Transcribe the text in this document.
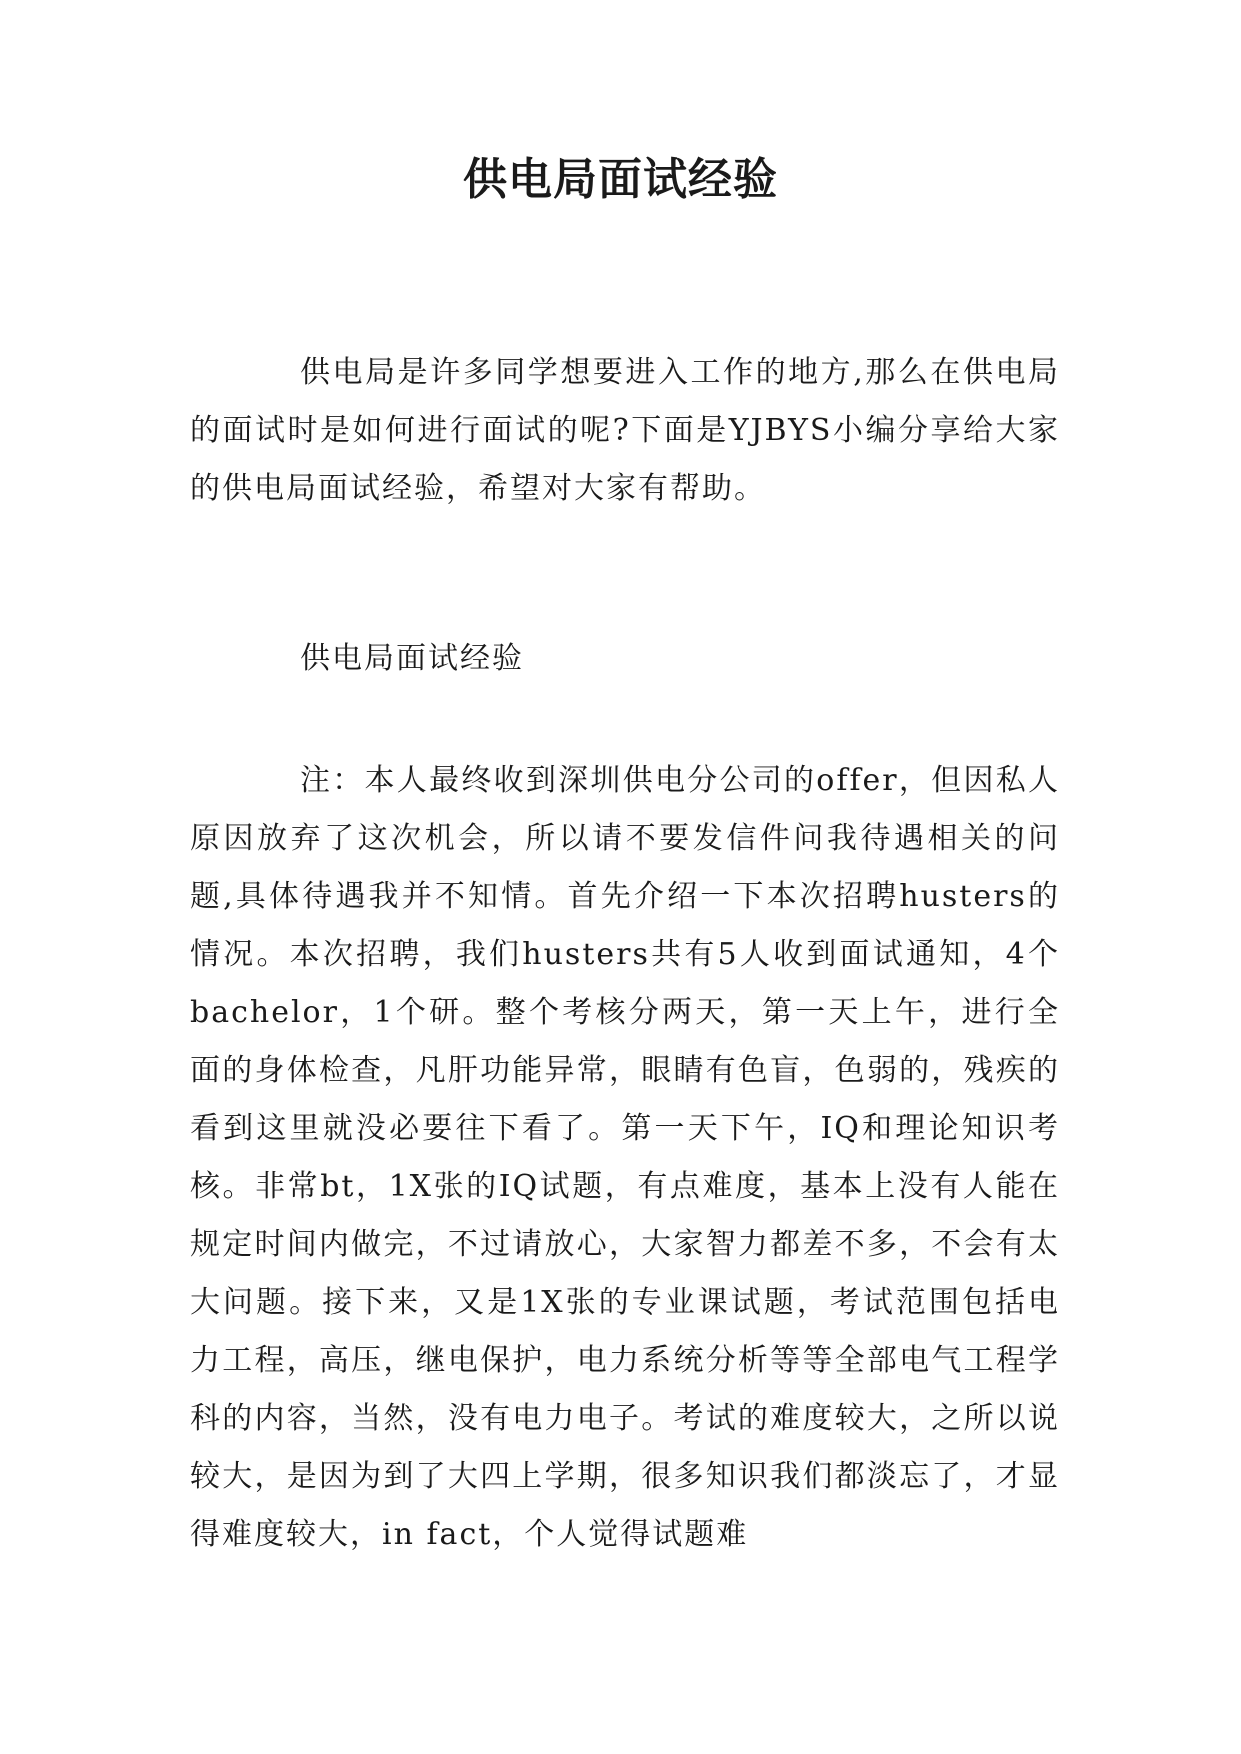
供电局面试经验

供电局是许多同学想要进入工作的地方,那么在供电局的面试时是如何进行面试的呢?下面是YJBYS小编分享给大家的供电局面试经验，希望对大家有帮助。

供电局面试经验

注：本人最终收到深圳供电分公司的offer，但因私人原因放弃了这次机会，所以请不要发信件问我待遇相关的问题,具体待遇我并不知情。首先介绍一下本次招聘husters的情况。本次招聘，我们husters共有5人收到面试通知，4个bachelor，1个研。整个考核分两天，第一天上午，进行全面的身体检查，凡肝功能异常，眼睛有色盲，色弱的，残疾的看到这里就没必要往下看了。第一天下午，IQ和理论知识考核。非常bt，1X张的IQ试题，有点难度，基本上没有人能在规定时间内做完，不过请放心，大家智力都差不多，不会有太大问题。接下来，又是1X张的专业课试题，考试范围包括电力工程，高压，继电保护，电力系统分析等等全部电气工程学科的内容，当然，没有电力电子。考试的难度较大，之所以说较大，是因为到了大四上学期，很多知识我们都淡忘了，才显得难度较大，in fact，个人觉得试题难
